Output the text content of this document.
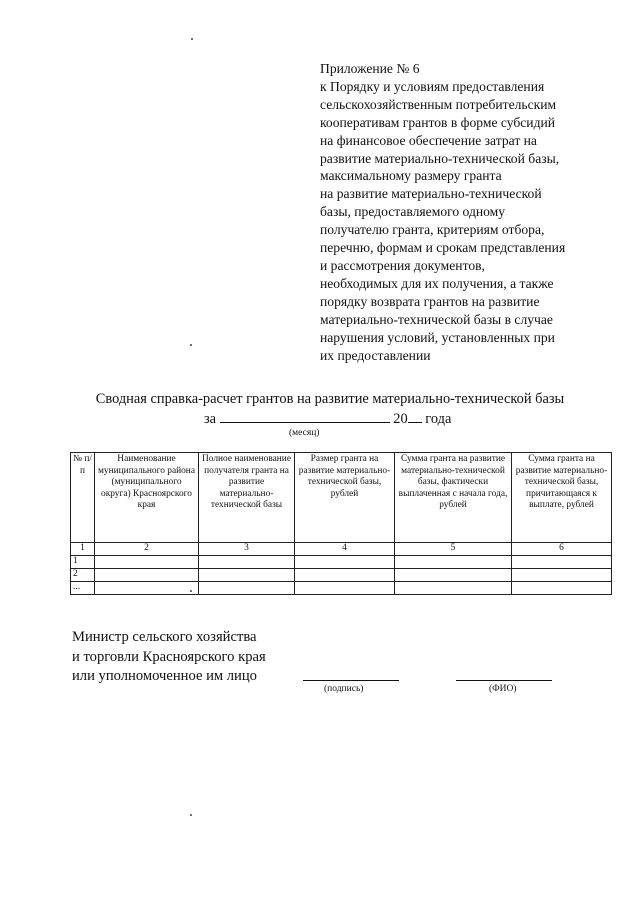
Приложение № 6
к Порядку и условиям предоставления
сельскохозяйственным потребительским
кооперативам грантов в форме субсидий
на финансовое обеспечение затрат на
развитие материально-технической базы,
максимальному размеру гранта
на развитие материально-технической
базы, предоставляемого одному
получателю гранта, критериям отбора,
перечню, формам и срокам представления
и рассмотрения документов,
необходимых для их получения, а также
порядку возврата грантов на развитие
материально-технической базы в случае
нарушения условий, установленных при
их предоставлении
Сводная справка-расчет грантов на развитие материально-технической базы
за	20 года
(месяц)
№ п/п	Наименование муниципального района (муниципального округа) Красноярского края	Полное наименование получателя гранта на развитие материально-технической базы	Размер гранта на развитие материально-технической базы, рублей	Сумма гранта на развитие материально-технической базы, фактически выплаченная с начала года, рублей	Сумма гранта на развитие материально-технической базы, причитающаяся к выплате, рублей
1	2	3	4	5	6
1					
2					
...					
Министр сельского хозяйства
и торговли Красноярского края
или уполномоченное им лицо
(подпись)	(ФИО)
